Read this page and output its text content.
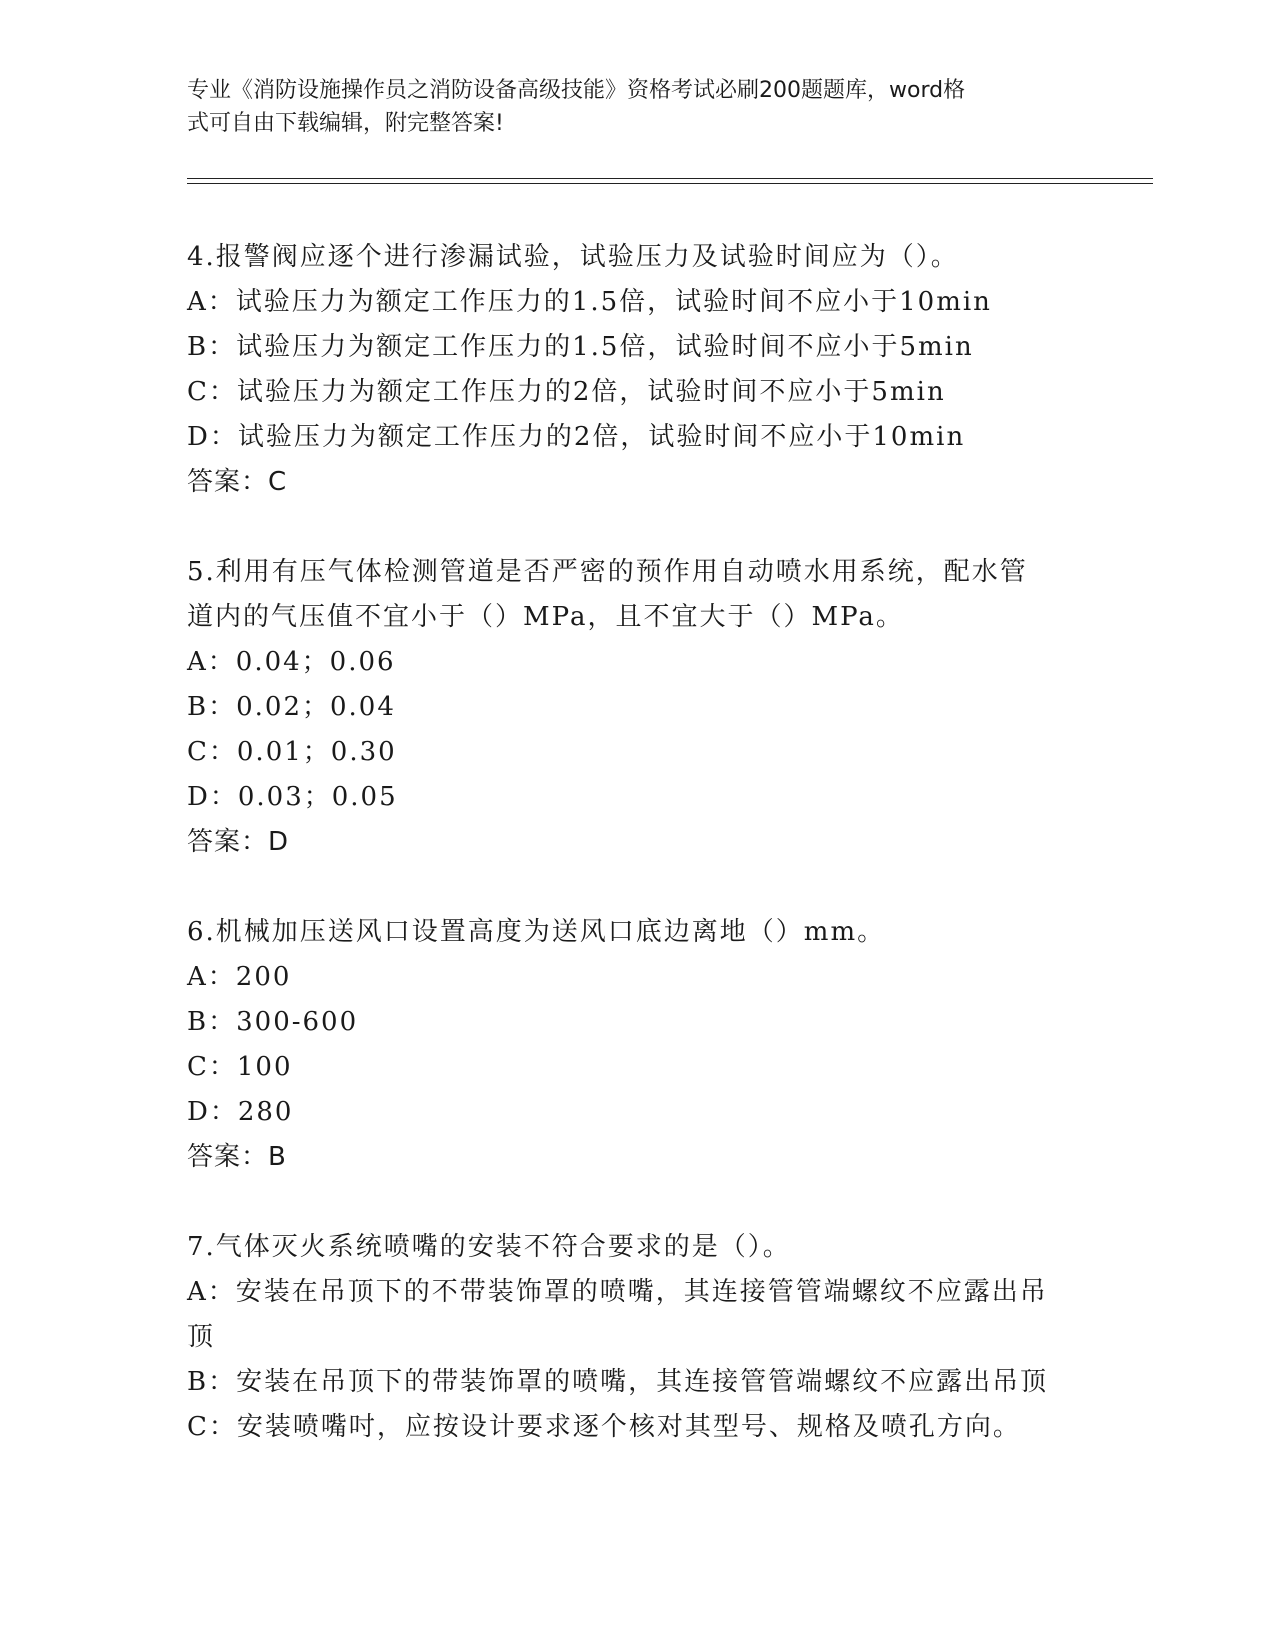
专业《消防设施操作员之消防设备高级技能》资格考试必刷200题题库，word格
式可自由下载编辑，附完整答案!
4.报警阀应逐个进行渗漏试验，试验压力及试验时间应为（）。
A：试验压力为额定工作压力的1.5倍，试验时间不应小于10min
B：试验压力为额定工作压力的1.5倍，试验时间不应小于5min
C：试验压力为额定工作压力的2倍，试验时间不应小于5min
D：试验压力为额定工作压力的2倍，试验时间不应小于10min
答案：C
5.利用有压气体检测管道是否严密的预作用自动喷水用系统，配水管
道内的气压值不宜小于（）MPa，且不宜大于（）MPa。
A：0.04；0.06
B：0.02；0.04
C：0.01；0.30
D：0.03；0.05
答案：D
6.机械加压送风口设置高度为送风口底边离地（）mm。
A：200
B：300-600
C：100
D：280
答案：B
7.气体灭火系统喷嘴的安装不符合要求的是（）。
A：安装在吊顶下的不带装饰罩的喷嘴，其连接管管端螺纹不应露出吊
顶
B：安装在吊顶下的带装饰罩的喷嘴，其连接管管端螺纹不应露出吊顶
C：安装喷嘴吋，应按设计要求逐个核对其型号、规格及喷孔方向。
